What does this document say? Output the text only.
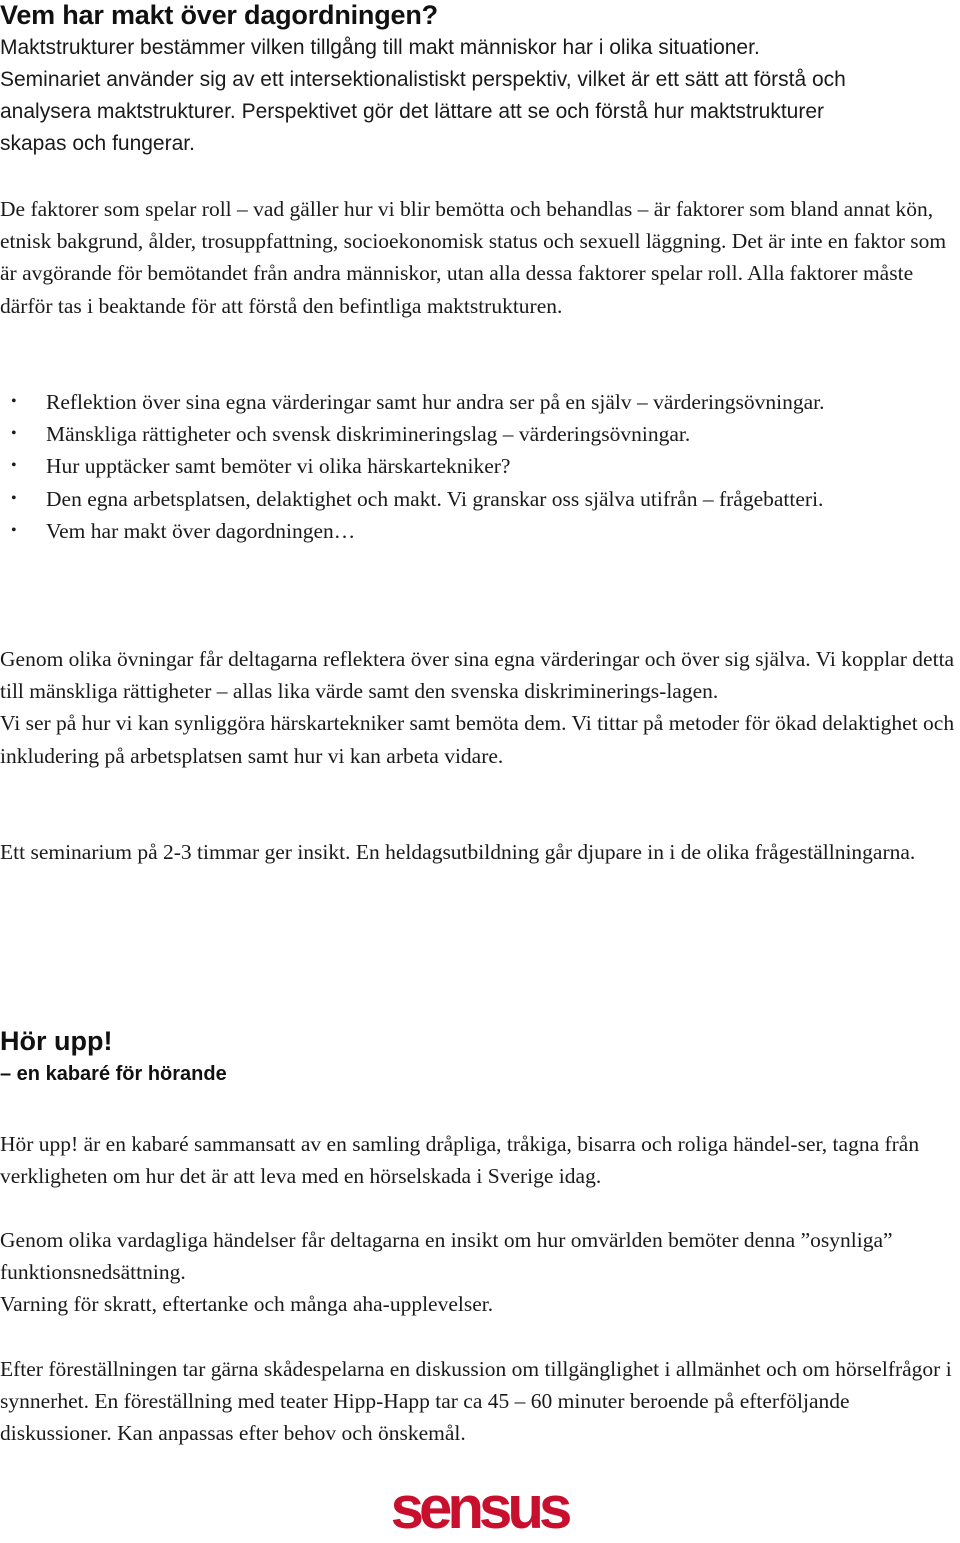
Vem har makt över dagordningen?
Maktstrukturer bestämmer vilken tillgång till makt människor har i olika situationer.
Seminariet använder sig av ett intersektionalistiskt perspektiv, vilket är ett sätt att förstå och
analysera maktstrukturer. Perspektivet gör det lättare att se och förstå hur maktstrukturer
skapas och fungerar.

De faktorer som spelar roll – vad gäller hur vi blir bemötta och behandlas – är faktorer som bland annat kön, etnisk bakgrund, ålder, trosuppfattning, socioekonomisk status och sexuell läggning. Det är inte en faktor som är avgörande för bemötandet från andra människor, utan alla dessa faktorer spelar roll. Alla faktorer måste därför tas i beaktande för att förstå den befintliga maktstrukturen.

• Reflektion över sina egna värderingar samt hur andra ser på en själv – värderingsövningar.
• Mänskliga rättigheter och svensk diskrimineringslag – värderingsövningar.
• Hur upptäcker samt bemöter vi olika härskartekniker?
• Den egna arbetsplatsen, delaktighet och makt. Vi granskar oss själva utifrån – frågebatteri.
• Vem har makt över dagordningen…

Genom olika övningar får deltagarna reflektera över sina egna värderingar och över sig själva. Vi kopplar detta till mänskliga rättigheter – allas lika värde samt den svenska diskriminerings-lagen.

Vi ser på hur vi kan synliggöra härskartekniker samt bemöta dem. Vi tittar på metoder för ökad delaktighet och inkludering på arbetsplatsen samt hur vi kan arbeta vidare.

Ett seminarium på 2-3 timmar ger insikt. En heldagsutbildning går djupare in i de olika frågeställningarna.

Hör upp!
– en kabaré för hörande

Hör upp! är en kabaré sammansatt av en samling dråpliga, tråkiga, bisarra och roliga händel-ser, tagna från verkligheten om hur det är att leva med en hörselskada i Sverige idag.

Genom olika vardagliga händelser får deltagarna en insikt om hur omvärlden bemöter denna ”osynliga” funktionsnedsättning.

Varning för skratt, eftertanke och många aha-upplevelser.

Efter föreställningen tar gärna skådespelarna en diskussion om tillgänglighet i allmänhet och om hörselfrågor i synnerhet. En föreställning med teater Hipp-Happ tar ca 45 – 60 minuter beroende på efterföljande diskussioner. Kan anpassas efter behov och önskemål.

sensus
